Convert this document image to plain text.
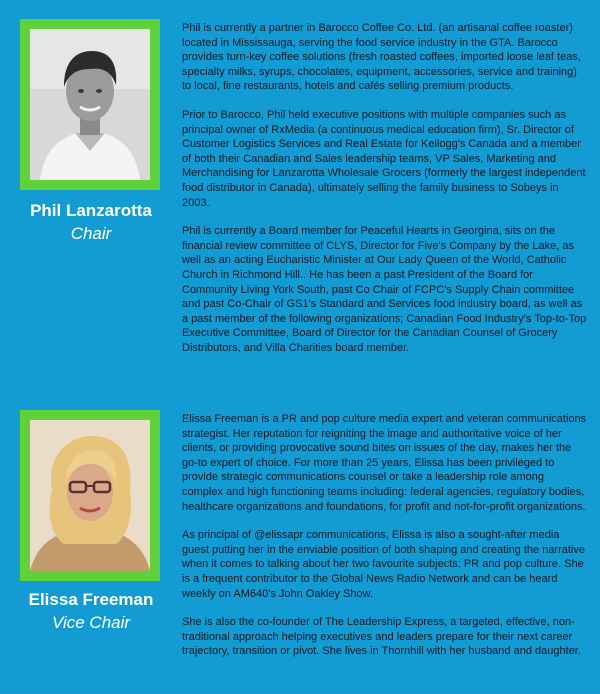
Phil Lanzarotta
Chair

Phil is currently a partner in Barocco Coffee Co. Ltd. (an artisanal coffee roaster) located in Mississauga, serving the food service industry in the GTA. Barocco provides turn-key coffee solutions (fresh roasted coffees, imported loose leaf teas, specialty milks, syrups, chocolates, equipment, accessories, service and training) to local, fine restaurants, hotels and cafés selling premium products.

Prior to Barocco, Phil held executive positions with multiple companies such as principal owner of RxMedia (a continuous medical education firm), Sr. Director of Customer Logistics Services and Real Estate for Kellogg's Canada and a member of both their Canadian and Sales leadership teams, VP Sales, Marketing and Merchandising for Lanzarotta Wholesale Grocers (formerly the largest independent food distributor in Canada), ultimately selling the family business to Sobeys in 2003.

Phil is currently a Board member for Peaceful Hearts in Georgina, sits on the financial review committee of CLYS, Director for Five's Company by the Lake, as well as an acting Eucharistic Minister at Our Lady Queen of the World, Catholic Church in Richmond Hill.. He has been a past President of the Board for Community Living York South, past Co Chair of FCPC's Supply Chain committee and past Co-Chair of GS1's Standard and Services food industry board, as well as a past member of the following organizations; Canadian Food Industry's Top-to-Top Executive Committee, Board of Director for the Canadian Counsel of Grocery Distributors, and Villa Charities board member.

Elissa Freeman
Vice Chair

Elissa Freeman is a PR and pop culture media expert and veteran communications strategist. Her reputation for reigniting the image and authoritative voice of her clients, or providing provocative sound bites on issues of the day, makes her the go-to expert of choice. For more than 25 years, Elissa has been privileged to provide strategic communications counsel or take a leadership role among complex and high functioning teams including: federal agencies, regulatory bodies, healthcare organizations and foundations, for profit and not-for-profit organizations.

As principal of @elissapr communications, Elissa is also a sought-after media guest putting her in the enviable position of both shaping and creating the narrative when it comes to talking about her two favourite subjects: PR and pop culture. She is a frequent contributor to the Global News Radio Network and can be heard weekly on AM640's John Oakley Show.

She is also the co-founder of The Leadership Express, a targeted, effective, non-traditional approach helping executives and leaders prepare for their next career trajectory, transition or pivot. She lives in Thornhill with her husband and daughter.
